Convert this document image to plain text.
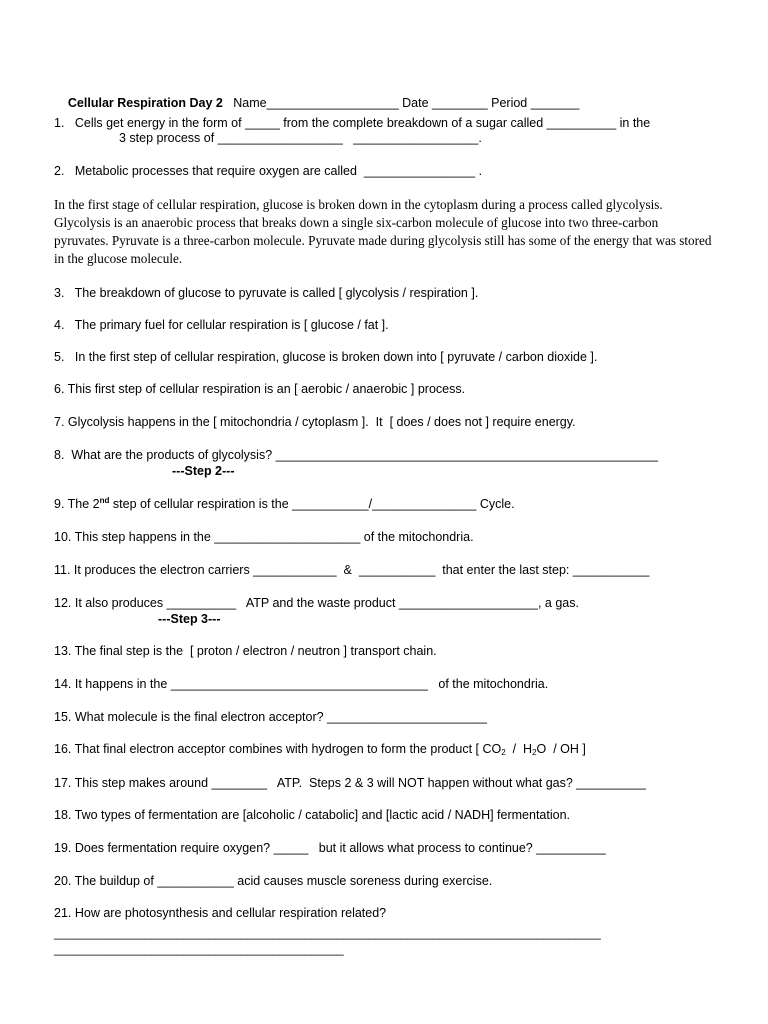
Cellular Respiration Day 2 Name___________________ Date ________ Period _______

1.   Cells get energy in the form of _____ from the complete breakdown of a sugar called __________ in the
3 step process of __________________   __________________.
2.   Metabolic processes that require oxygen are called  ________________ .
In the first stage of cellular respiration, glucose is broken down in the cytoplasm during a process called glycolysis. Glycolysis is an anaerobic process that breaks down a single six-carbon molecule of glucose into two three-carbon pyruvates. Pyruvate is a three-carbon molecule. Pyruvate made during glycolysis still has some of the energy that was stored in the glucose molecule.
3.   The breakdown of glucose to pyruvate is called [ glycolysis / respiration ].
4.   The primary fuel for cellular respiration is [ glucose / fat ].
5.   In the first step of cellular respiration, glucose is broken down into [ pyruvate / carbon dioxide ].
6. This first step of cellular respiration is an [ aerobic / anaerobic ] process.
7. Glycolysis happens in the [ mitochondria / cytoplasm ].  It  [ does / does not ] require energy.
8.  What are the products of glycolysis? _______________________________________________________
---Step 2---
9. The 2nd step of cellular respiration is the ___________/_______________ Cycle.
10. This step happens in the _____________________ of the mitochondria.
11. It produces the electron carriers ____________  &  ___________  that enter the last step: ___________
12. It also produces __________   ATP and the waste product ____________________, a gas.
---Step 3---
13. The final step is the  [ proton / electron / neutron ] transport chain.
14. It happens in the _____________________________________   of the mitochondria.
15. What molecule is the final electron acceptor? _______________________
16. That final electron acceptor combines with hydrogen to form the product [ $CO_2 / H_2O$  / OH ]
17. This step makes around ________   ATP.  Steps 2 & 3 will NOT happen without what gas? __________
18. Two types of fermentation are [alcoholic / catabolic] and [lactic acid / NADH] fermentation.
19. Does fermentation require oxygen? _____   but it allows what process to continue? __________
20. The buildup of ___________ acid causes muscle soreness during exercise.
21. How are photosynthesis and cellular respiration related?
_____________________________________________________________________________________
_____________________________________________
